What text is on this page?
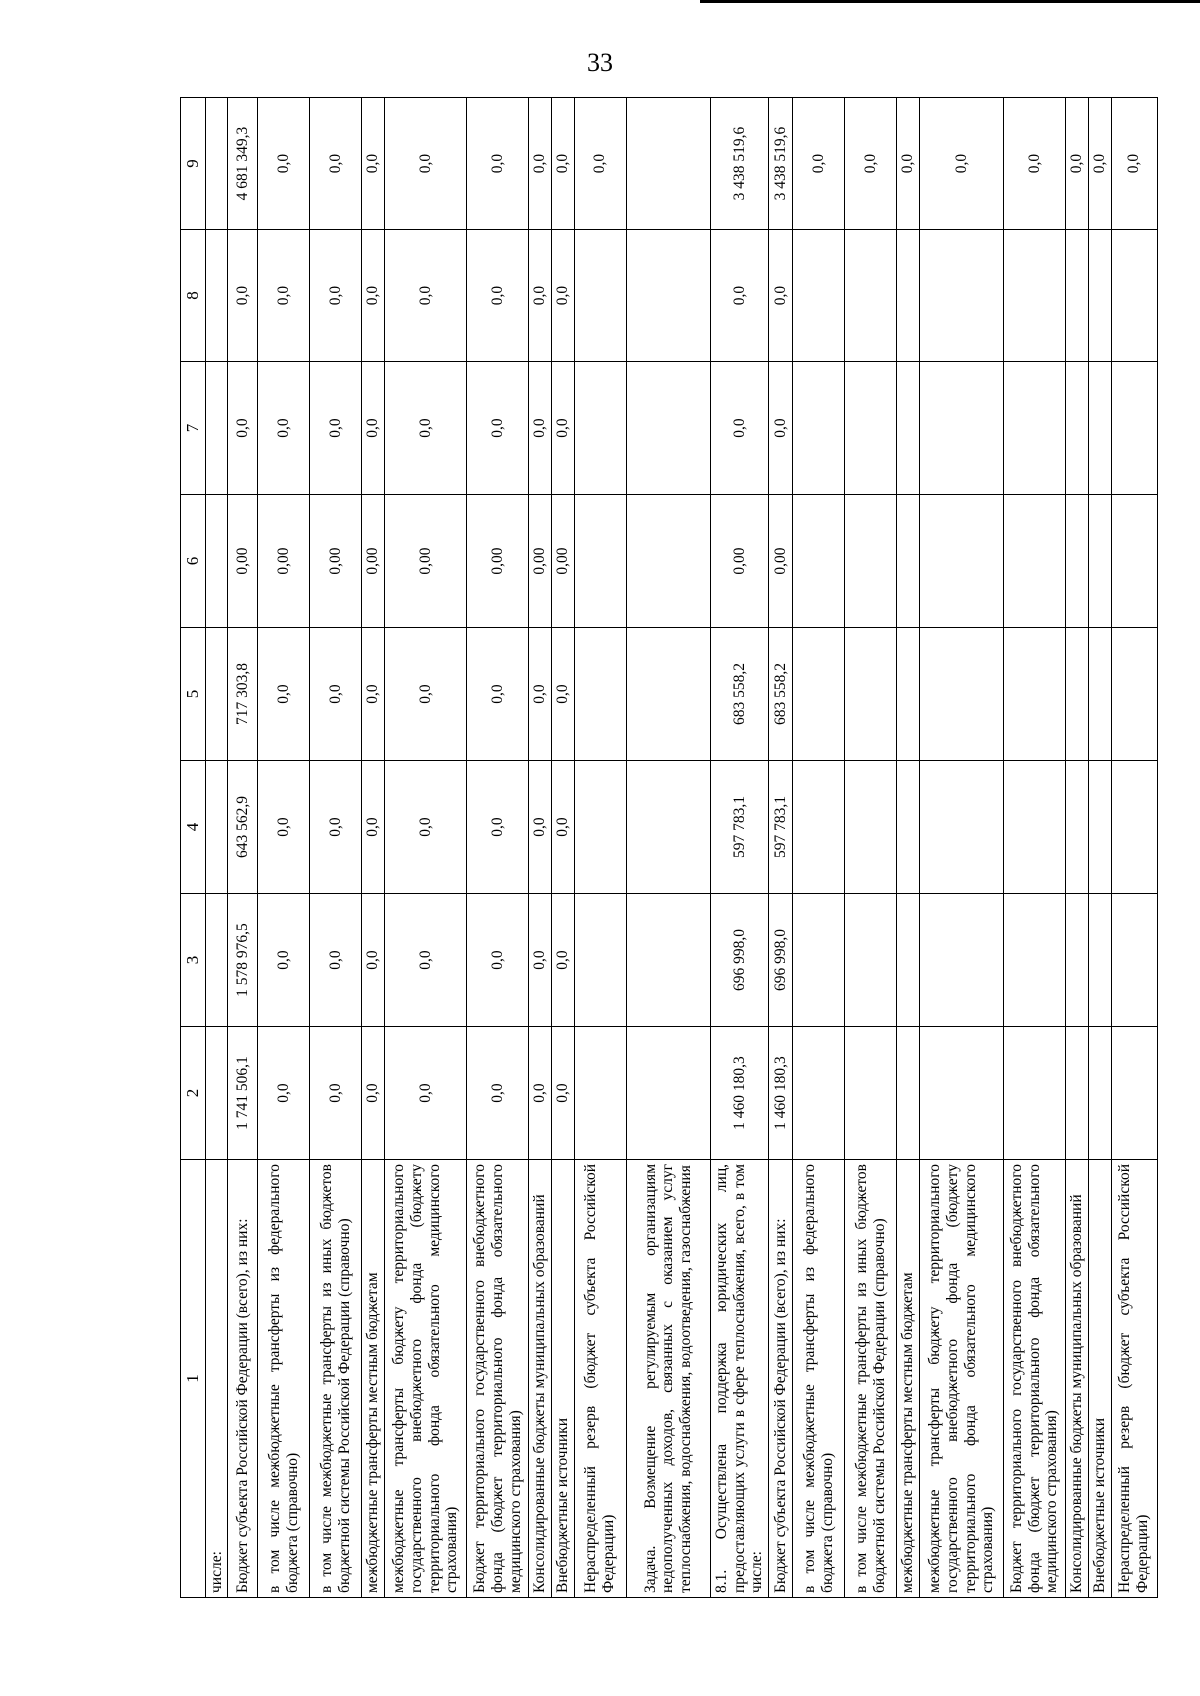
33
1	2	3	4	5	6	7	8	9
числе:								
Бюджет субъекта Российской Федерации (всего), из них:	1 741 506,1	1 578 976,5	643 562,9	717 303,8	0,00	0,0	0,0	4 681 349,3
в том числе межбюджетные трансферты из федерального бюджета (справочно)	0,0	0,0	0,0	0,0	0,00	0,0	0,0	0,0
в том числе межбюджетные трансферты из иных бюджетов бюджетной системы Российской Федерации (справочно)	0,0	0,0	0,0	0,0	0,00	0,0	0,0	0,0
межбюджетные трансферты местным бюджетам	0,0	0,0	0,0	0,0	0,00	0,0	0,0	0,0
межбюджетные трансферты бюджету территориального государственного внебюджетного фонда (бюджету территориального фонда обязательного медицинского страхования)	0,0	0,0	0,0	0,0	0,00	0,0	0,0	0,0
Бюджет территориального государственного внебюджетного фонда (бюджет территориального фонда обязательного медицинского страхования)	0,0	0,0	0,0	0,0	0,00	0,0	0,0	0,0
Консолидированные бюджеты муниципальных образований	0,0	0,0	0,0	0,0	0,00	0,0	0,0	0,0
Внебюджетные источники	0,0	0,0	0,0	0,0	0,00	0,0	0,0	0,0
Нераспределенный резерв (бюджет субъекта Российской Федерации)								0,0
Задача. Возмещение регулируемым организациям недополученных доходов, связанных с оказанием услуг теплоснабжения, водоснабжения, водоотведения, газоснабжения								
8.1. Осуществлена поддержка юридических лиц, предоставляющих услуги в сфере теплоснабжения, всего, в том числе:	1 460 180,3	696 998,0	597 783,1	683 558,2	0,00	0,0	0,0	3 438 519,6
Бюджет субъекта Российской Федерации (всего), из них:	1 460 180,3	696 998,0	597 783,1	683 558,2	0,00	0,0	0,0	3 438 519,6
в том числе межбюджетные трансферты из федерального бюджета (справочно)								0,0
в том числе межбюджетные трансферты из иных бюджетов бюджетной системы Российской Федерации (справочно)								0,0
межбюджетные трансферты местным бюджетам								0,0
межбюджетные трансферты бюджету территориального государственного внебюджетного фонда (бюджету территориального фонда обязательного медицинского страхования)								0,0
Бюджет территориального государственного внебюджетного фонда (бюджет территориального фонда обязательного медицинского страхования)								0,0
Консолидированные бюджеты муниципальных образований								0,0
Внебюджетные источники								0,0
Нераспределенный резерв (бюджет субъекта Российской Федерации)								0,0
